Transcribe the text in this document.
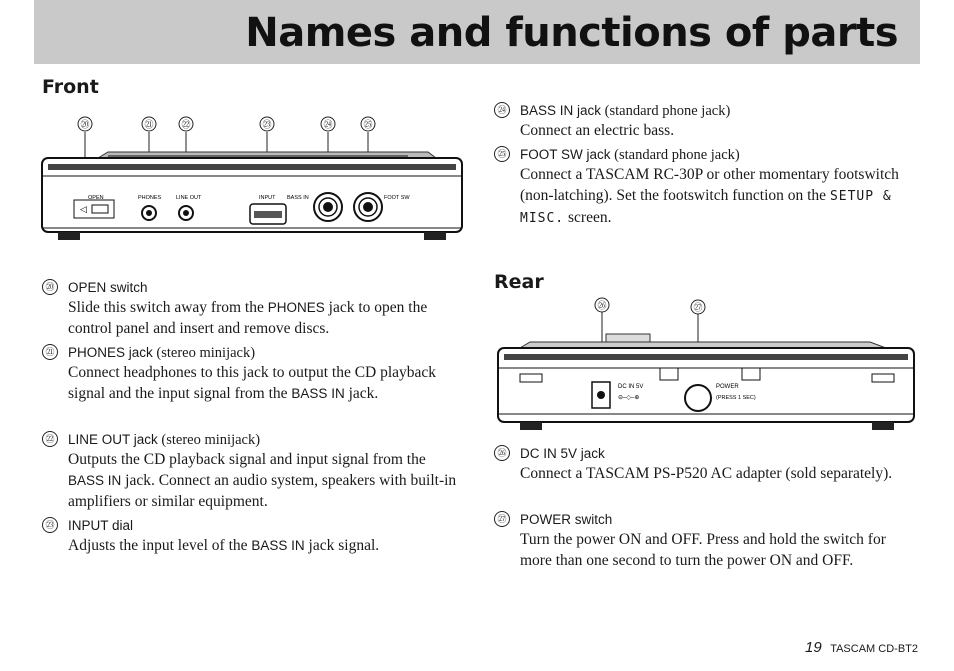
Names and functions of parts
Front
⑳	㉑	㉒	㉓	㉔	㉕
◁
OPEN	PHONES	LINE OUT	INPUT BASS IN	FOOT SW
⑳ OPEN switch
Slide this switch away from the PHONES jack to open the control panel and insert and remove discs.
㉑ PHONES jack (stereo minijack)
Connect headphones to this jack to output the CD playback signal and the input signal from the BASS IN jack.
㉒ LINE OUT jack (stereo minijack)
Outputs the CD playback signal and input signal from the BASS IN jack. Connect an audio system, speakers with built-in amplifiers or similar equipment.
㉓ INPUT dial
Adjusts the input level of the BASS IN jack signal.
㉔ BASS IN jack (standard phone jack)
Connect an electric bass.
㉕ FOOT SW jack (standard phone jack)
Connect a TASCAM RC-30P or other momentary footswitch (non-latching). Set the footswitch function on the SETUP & MISC. screen.
Rear
㉖	㉗
DC IN 5V
⊖‒◇‒⊕
POWER
(PRESS 1 SEC)
㉖ DC IN 5V jack
Connect a TASCAM PS-P520 AC adapter (sold separately).
㉗ POWER switch
Turn the power ON and OFF. Press and hold the switch for more than one second to turn the power ON and OFF.
19 TASCAM CD-BT2
